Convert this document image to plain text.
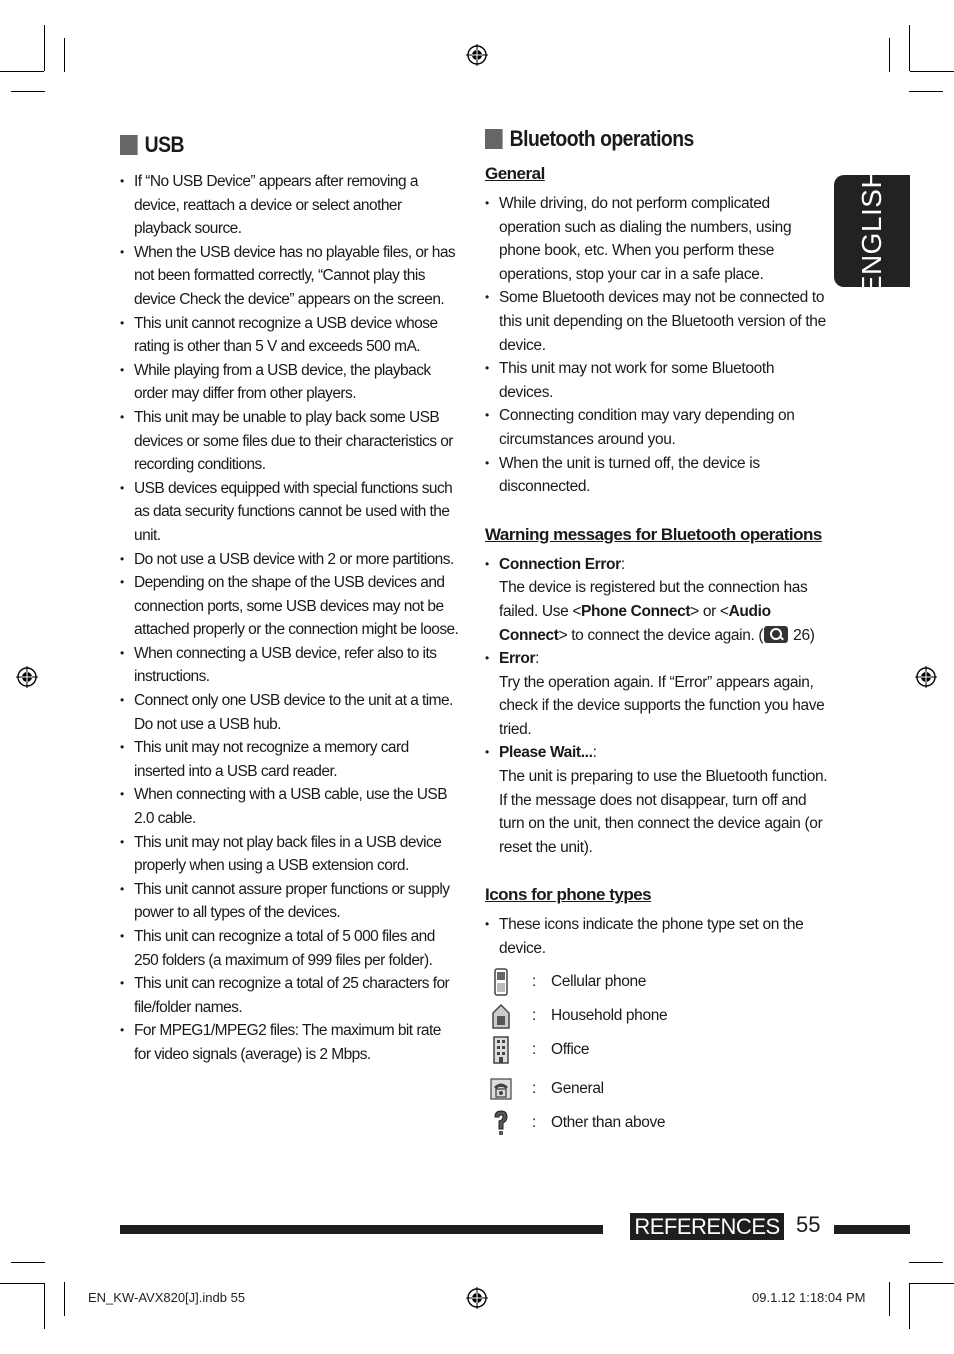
USB
• If “No USB Device” appears after removing a device, reattach a device or select another playback source.
• When the USB device has no playable files, or has not been formatted correctly, “Cannot play this device Check the device” appears on the screen.
• This unit cannot recognize a USB device whose rating is other than 5 V and exceeds 500 mA.
• While playing from a USB device, the playback order may differ from other players.
• This unit may be unable to play back some USB devices or some files due to their characteristics or recording conditions.
• USB devices equipped with special functions such as data security functions cannot be used with the unit.
• Do not use a USB device with 2 or more partitions.
• Depending on the shape of the USB devices and connection ports, some USB devices may not be attached properly or the connection might be loose.
• When connecting a USB device, refer also to its instructions.
• Connect only one USB device to the unit at a time. Do not use a USB hub.
• This unit may not recognize a memory card inserted into a USB card reader.
• When connecting with a USB cable, use the USB 2.0 cable.
• This unit may not play back files in a USB device properly when using a USB extension cord.
• This unit cannot assure proper functions or supply power to all types of the devices.
• This unit can recognize a total of 5 000 files and 250 folders (a maximum of 999 files per folder).
• This unit can recognize a total of 25 characters for file/folder names.
• For MPEG1/MPEG2 files: The maximum bit rate for video signals (average) is 2 Mbps.
Bluetooth operations
General
• While driving, do not perform complicated operation such as dialing the numbers, using phone book, etc. When you perform these operations, stop your car in a safe place.
• Some Bluetooth devices may not be connected to this unit depending on the Bluetooth version of the device.
• This unit may not work for some Bluetooth devices.
• Connecting condition may vary depending on circumstances around you.
• When the unit is turned off, the device is disconnected.
Warning messages for Bluetooth operations
• Connection Error:
The device is registered but the connection has failed. Use <Phone Connect> or <Audio Connect> to connect the device again. ( 26)
• Error:
Try the operation again. If “Error” appears again, check if the device supports the function you have tried.
• Please Wait...:
The unit is preparing to use the Bluetooth function. If the message does not disappear, turn off and turn on the unit, then connect the device again (or reset the unit).
Icons for phone types
• These icons indicate the phone type set on the device.
: Cellular phone
: Household phone
: Office
: General
: Other than above
ENGLISH
REFERENCES 55
EN_KW-AVX820[J].indb 55	09.1.12 1:18:04 PM
